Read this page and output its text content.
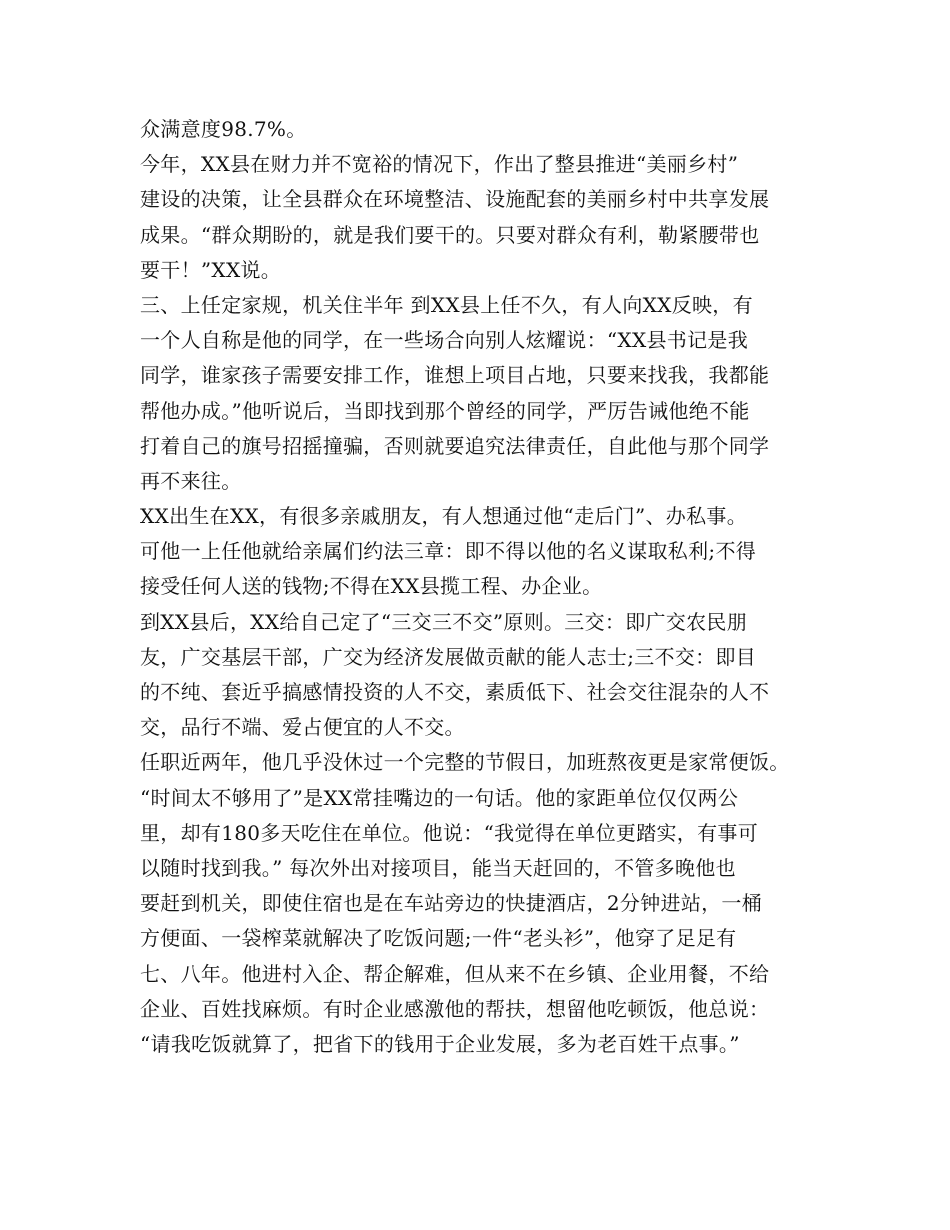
众满意度98.7%。
今年，XX县在财力并不宽裕的情况下，作出了整县推进“美丽乡村”
建设的决策，让全县群众在环境整洁、设施配套的美丽乡村中共享发展
成果。“群众期盼的，就是我们要干的。只要对群众有利，勒紧腰带也
要干！”XX说。
三、上任定家规，机关住半年 到XX县上任不久，有人向XX反映，有
一个人自称是他的同学，在一些场合向别人炫耀说：“XX县书记是我
同学，谁家孩子需要安排工作，谁想上项目占地，只要来找我，我都能
帮他办成。”他听说后，当即找到那个曾经的同学，严厉告诫他绝不能
打着自己的旗号招摇撞骗，否则就要追究法律责任，自此他与那个同学
再不来往。
XX出生在XX，有很多亲戚朋友，有人想通过他“走后门”、办私事。
可他一上任他就给亲属们约法三章：即不得以他的名义谋取私利;不得
接受任何人送的钱物;不得在XX县揽工程、办企业。
到XX县后，XX给自己定了“三交三不交”原则。三交：即广交农民朋
友，广交基层干部，广交为经济发展做贡献的能人志士;三不交：即目
的不纯、套近乎搞感情投资的人不交，素质低下、社会交往混杂的人不
交，品行不端、爱占便宜的人不交。
任职近两年，他几乎没休过一个完整的节假日，加班熬夜更是家常便饭。
“时间太不够用了”是XX常挂嘴边的一句话。他的家距单位仅仅两公
里，却有180多天吃住在单位。他说：“我觉得在单位更踏实，有事可
以随时找到我。” 每次外出对接项目，能当天赶回的，不管多晚他也
要赶到机关，即使住宿也是在车站旁边的快捷酒店，2分钟进站，一桶
方便面、一袋榨菜就解决了吃饭问题;一件“老头衫”，他穿了足足有
七、八年。他进村入企、帮企解难，但从来不在乡镇、企业用餐，不给
企业、百姓找麻烦。有时企业感激他的帮扶，想留他吃顿饭，他总说：
“请我吃饭就算了，把省下的钱用于企业发展，多为老百姓干点事。”
